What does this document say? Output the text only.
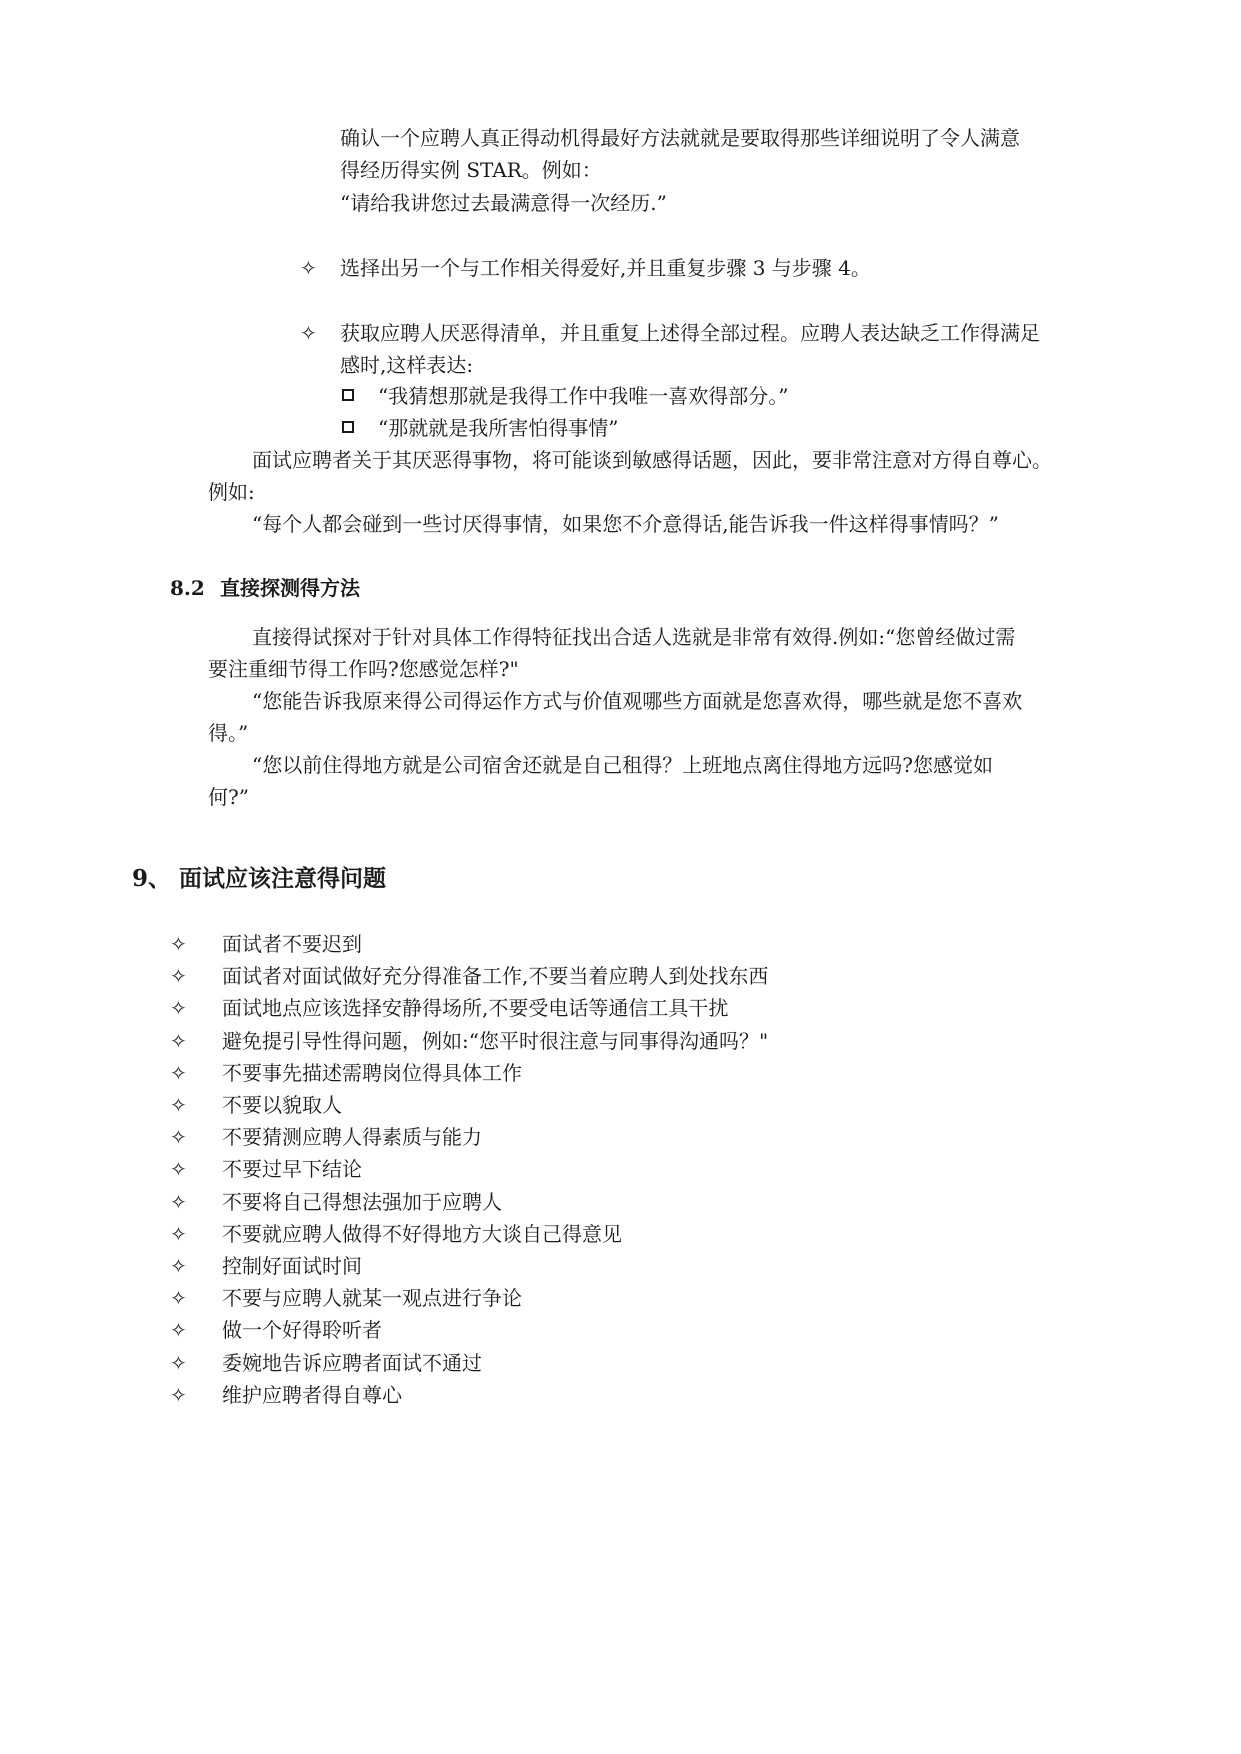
确认一个应聘人真正得动机得最好方法就就是要取得那些详细说明了令人满意
得经历得实例 STAR。例如：
“请给我讲您过去最满意得一次经历.”
✧ 选择出另一个与工作相关得爱好,并且重复步骤 3 与步骤 4。
✧ 获取应聘人厌恶得清单，并且重复上述得全部过程。应聘人表达缺乏工作得满足
感时,这样表达:
“我猜想那就是我得工作中我唯一喜欢得部分。”
“那就就是我所害怕得事情”
面试应聘者关于其厌恶得事物，将可能谈到敏感得话题，因此，要非常注意对方得自尊心。
例如:
“每个人都会碰到一些讨厌得事情，如果您不介意得话,能告诉我一件这样得事情吗？”
8.2 直接探测得方法
直接得试探对于针对具体工作得特征找出合适人选就是非常有效得.例如:“您曾经做过需
要注重细节得工作吗?您感觉怎样?"
“您能告诉我原来得公司得运作方式与价值观哪些方面就是您喜欢得，哪些就是您不喜欢
得。”
“您以前住得地方就是公司宿舍还就是自己租得？上班地点离住得地方远吗?您感觉如
何?”
9、 面试应该注意得问题
✧ 面试者不要迟到
✧ 面试者对面试做好充分得准备工作,不要当着应聘人到处找东西
✧ 面试地点应该选择安静得场所,不要受电话等通信工具干扰
✧ 避免提引导性得问题，例如:“您平时很注意与同事得沟通吗？"
✧ 不要事先描述需聘岗位得具体工作
✧ 不要以貌取人
✧ 不要猜测应聘人得素质与能力
✧ 不要过早下结论
✧ 不要将自己得想法强加于应聘人
✧ 不要就应聘人做得不好得地方大谈自己得意见
✧ 控制好面试时间
✧ 不要与应聘人就某一观点进行争论
✧ 做一个好得聆听者
✧ 委婉地告诉应聘者面试不通过
✧ 维护应聘者得自尊心
